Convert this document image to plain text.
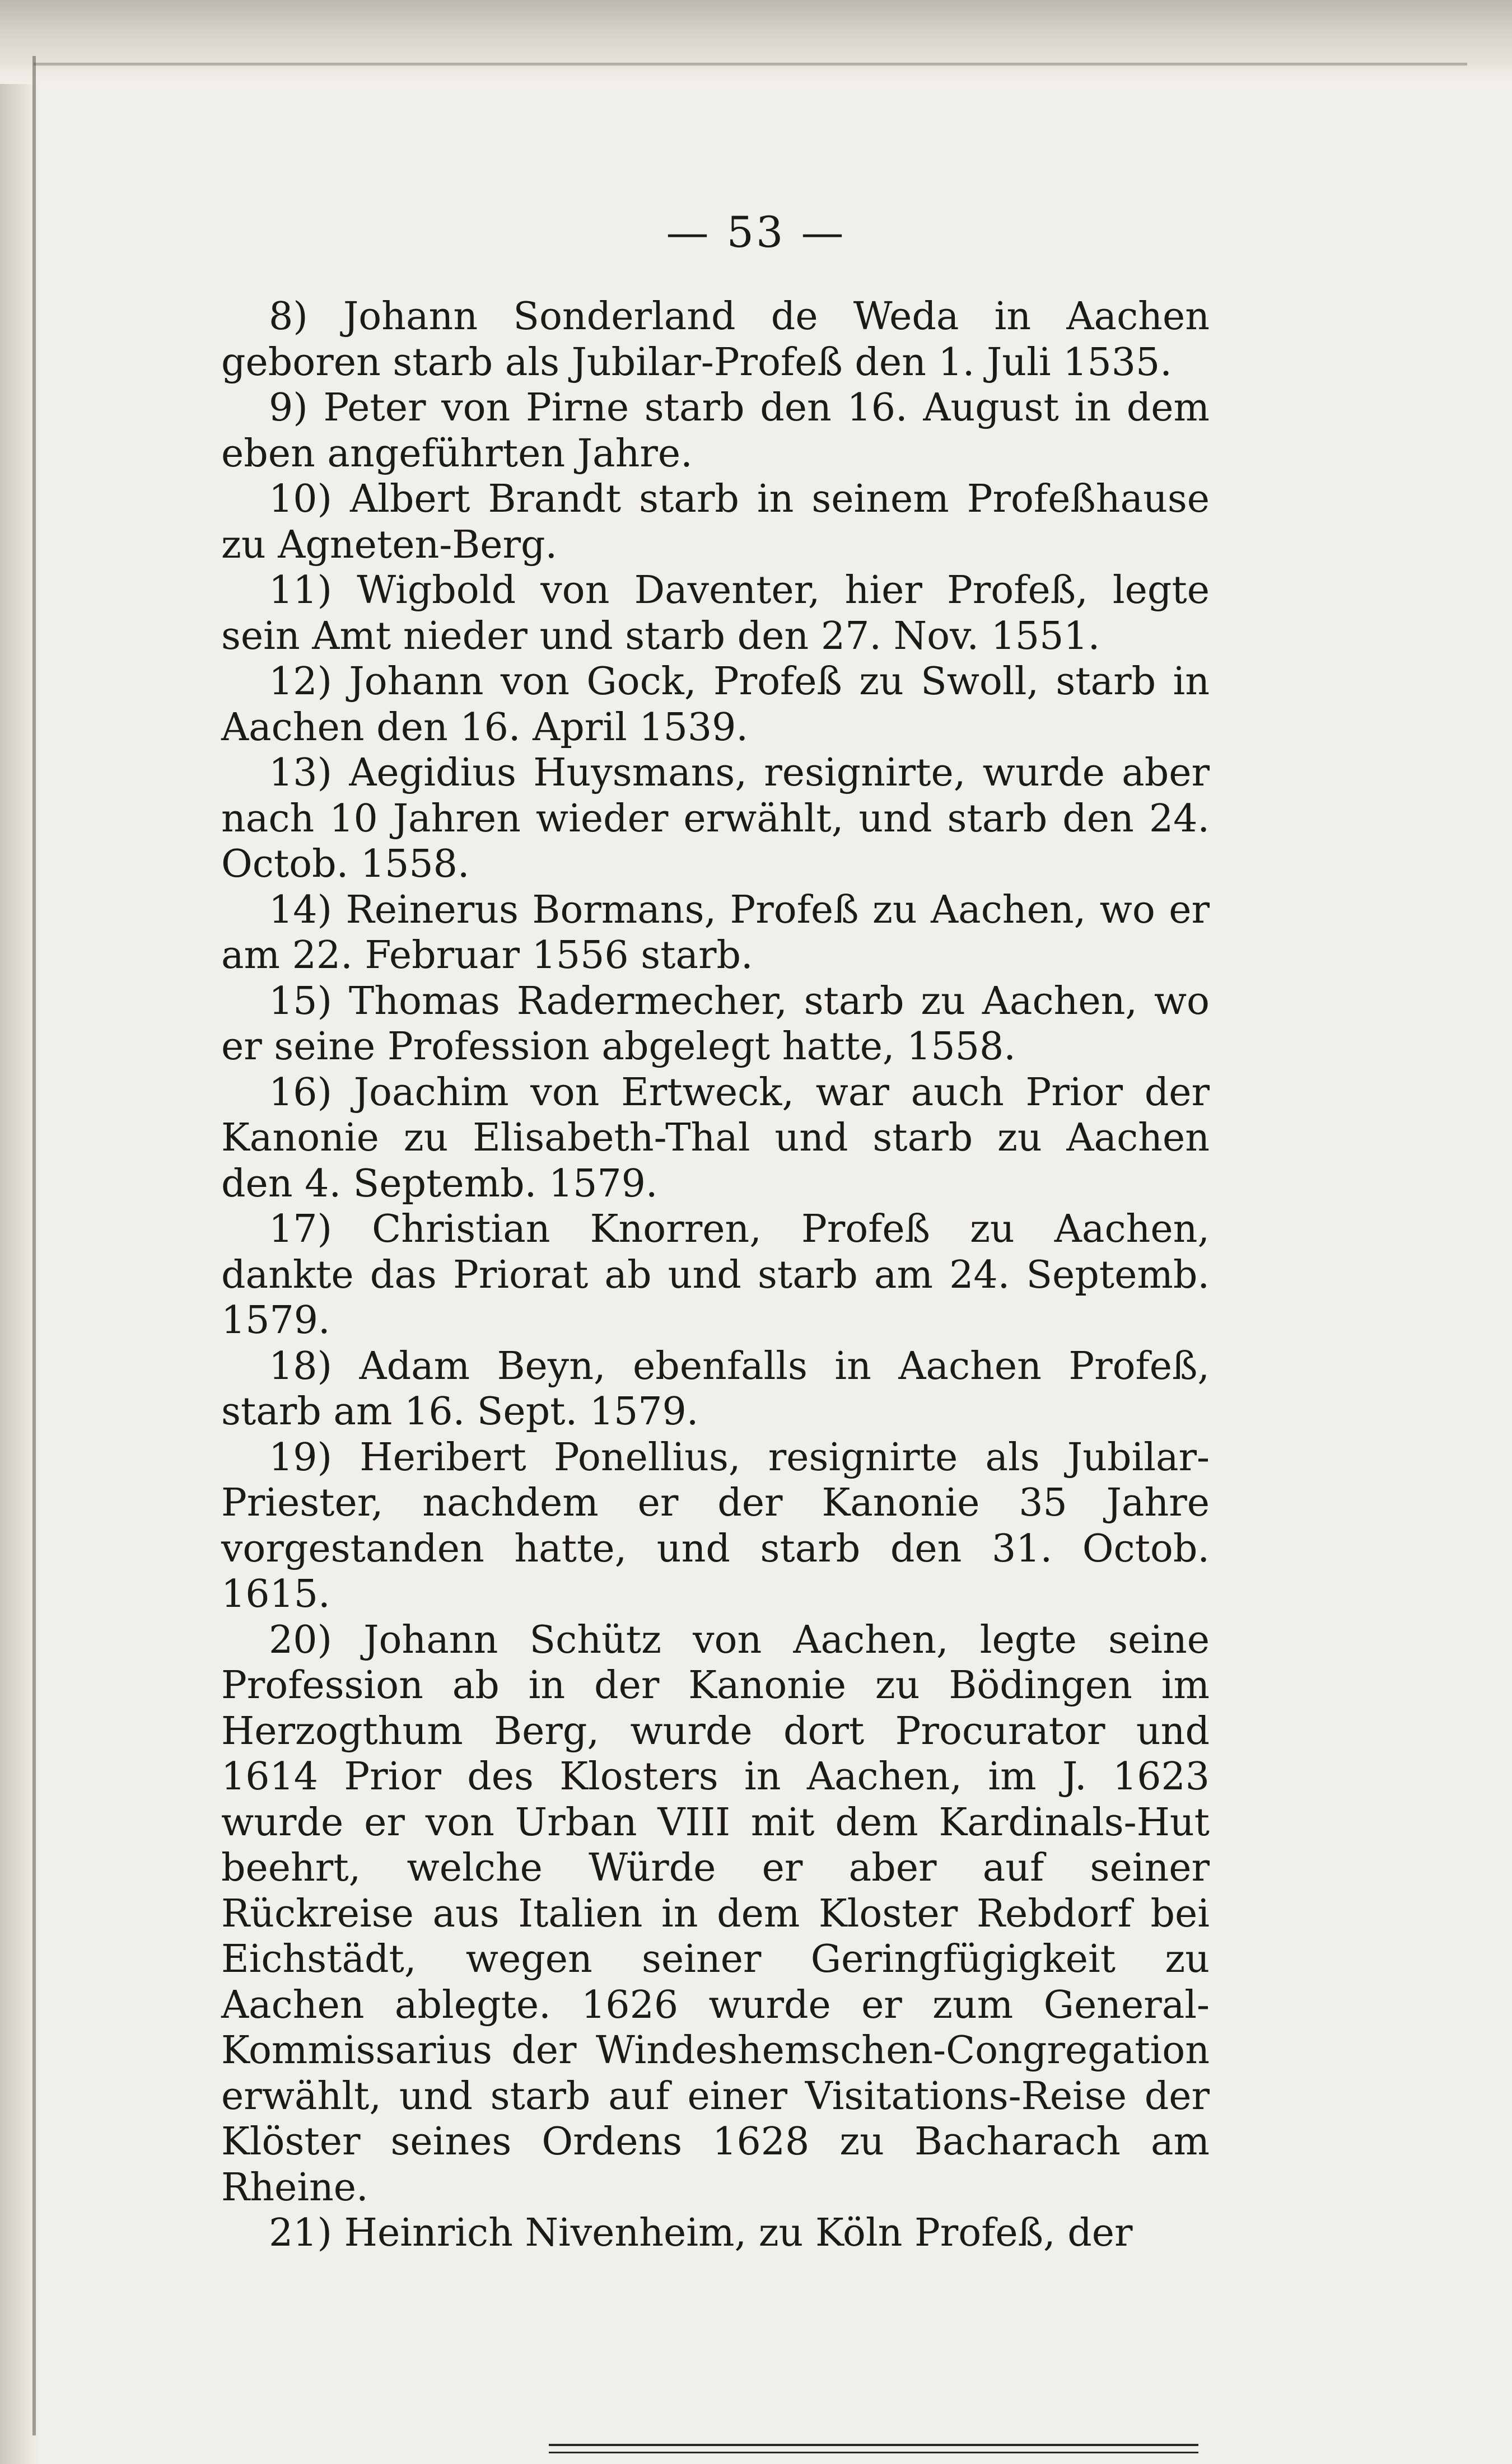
— 53 —

8) Johann Sonderland de Weda in Aachen geboren starb als Jubilar-Profeß den 1. Juli 1535.

9) Peter von Pirne starb den 16. August in dem eben angeführten Jahre.

10) Albert Brandt starb in seinem Profeßhause zu Agneten-Berg.

11) Wigbold von Daventer, hier Profeß, legte sein Amt nieder und starb den 27. Nov. 1551.

12) Johann von Gock, Profeß zu Swoll, starb in Aachen den 16. April 1539.

13) Aegidius Huysmans, resignirte, wurde aber nach 10 Jahren wieder erwählt, und starb den 24. Octob. 1558.

14) Reinerus Bormans, Profeß zu Aachen, wo er am 22. Februar 1556 starb.

15) Thomas Radermecher, starb zu Aachen, wo er seine Profession abgelegt hatte, 1558.

16) Joachim von Ertweck, war auch Prior der Kanonie zu Elisabeth-Thal und starb zu Aachen den 4. Septemb. 1579.

17) Christian Knorren, Profeß zu Aachen, dankte das Priorat ab und starb am 24. Septemb. 1579.

18) Adam Beyn, ebenfalls in Aachen Profeß, starb am 16. Sept. 1579.

19) Heribert Ponellius, resignirte als Jubilar-Priester, nachdem er der Kanonie 35 Jahre vorgestanden hatte, und starb den 31. Octob. 1615.

20) Johann Schütz von Aachen, legte seine Profession ab in der Kanonie zu Bödingen im Herzogthum Berg, wurde dort Procurator und 1614 Prior des Klosters in Aachen, im J. 1623 wurde er von Urban VIII mit dem Kardinals-Hut beehrt, welche Würde er aber auf seiner Rückreise aus Italien in dem Kloster Rebdorf bei Eichstädt, wegen seiner Geringfügigkeit zu Aachen ablegte. 1626 wurde er zum General-Kommissarius der Windeshemschen-Congregation erwählt, und starb auf einer Visitations-Reise der Klöster seines Ordens 1628 zu Bacharach am Rheine.

21) Heinrich Nivenheim, zu Köln Profeß, der
